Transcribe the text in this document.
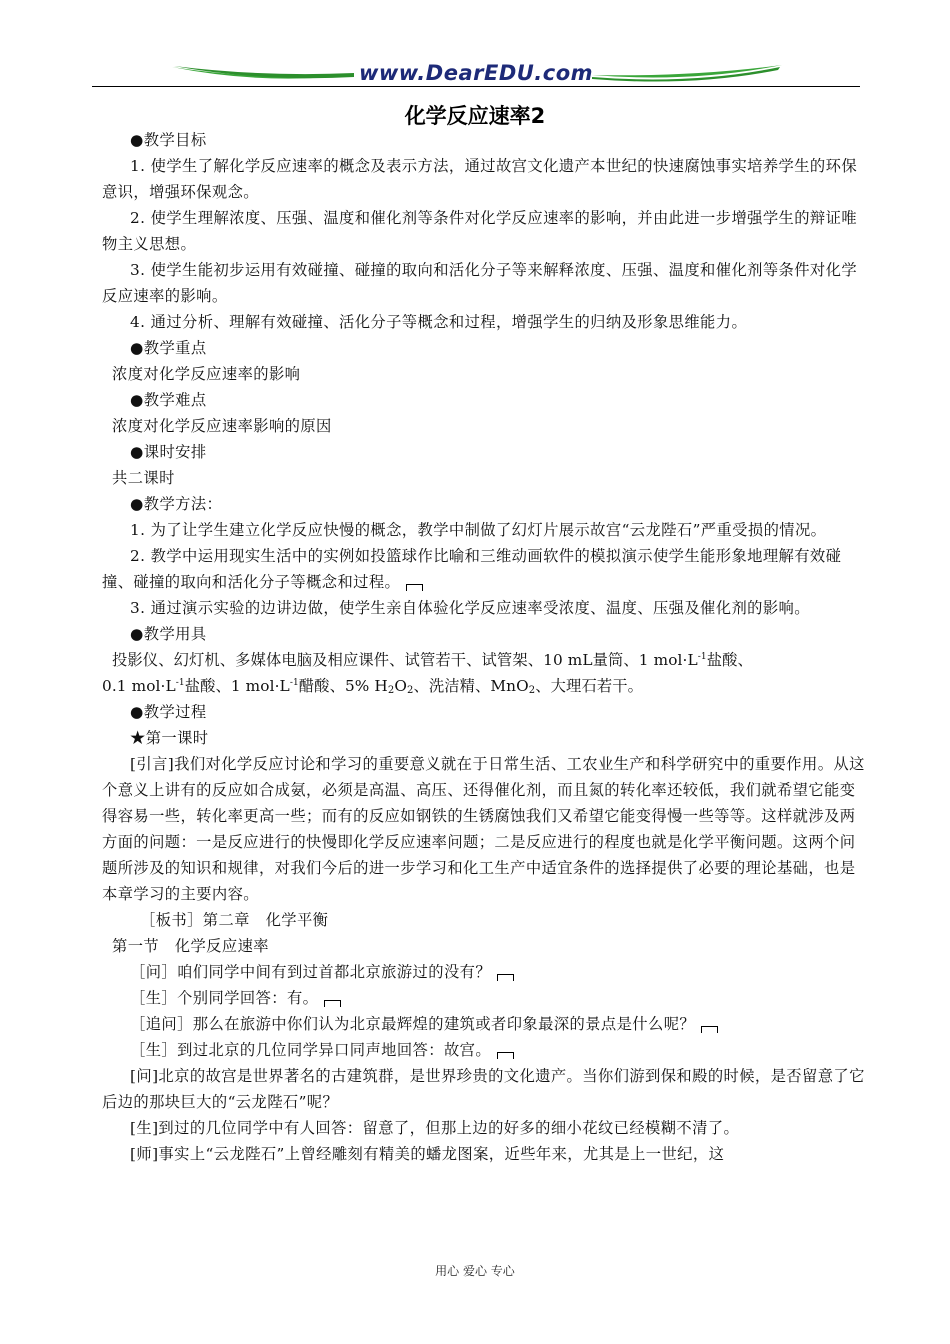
www.DearEDU.com
化学反应速率2

●教学目标

1. 使学生了解化学反应速率的概念及表示方法，通过故宫文化遗产本世纪的快速腐蚀事实培养学生的环保意识，增强环保观念。

2. 使学生理解浓度、压强、温度和催化剂等条件对化学反应速率的影响，并由此进一步增强学生的辩证唯物主义思想。

3. 使学生能初步运用有效碰撞、碰撞的取向和活化分子等来解释浓度、压强、温度和催化剂等条件对化学反应速率的影响。

4. 通过分析、理解有效碰撞、活化分子等概念和过程，增强学生的归纳及形象思维能力。

●教学重点

浓度对化学反应速率的影响

●教学难点

浓度对化学反应速率影响的原因

●课时安排

共二课时

●教学方法：

1. 为了让学生建立化学反应快慢的概念，教学中制做了幻灯片展示故宫“云龙陛石”严重受损的情况。

2. 教学中运用现实生活中的实例如投篮球作比喻和三维动画软件的模拟演示使学生能形象地理解有效碰撞、碰撞的取向和活化分子等概念和过程。

3. 通过演示实验的边讲边做，使学生亲自体验化学反应速率受浓度、温度、压强及催化剂的影响。

●教学用具

投影仪、幻灯机、多媒体电脑及相应课件、试管若干、试管架、10 mL量筒、1 $mol\cdot L^{-1}$盐酸、

0.1 $mol\cdot L^{-1}$盐酸、1 $mol\cdot L^{-1}$醋酸、5% $H_2O_2$、洗洁精、MnO$_2$、大理石若干。

●教学过程

★第一课时

[引言]我们对化学反应讨论和学习的重要意义就在于日常生活、工农业生产和科学研究中的重要作用。从这个意义上讲有的反应如合成氨，必须是高温、高压、还得催化剂，而且氮的转化率还较低，我们就希望它能变得容易一些，转化率更高一些；而有的反应如钢铁的生锈腐蚀我们又希望它能变得慢一些等等。这样就涉及两方面的问题：一是反应进行的快慢即化学反应速率问题；二是反应进行的程度也就是化学平衡问题。这两个问题所涉及的知识和规律，对我们今后的进一步学习和化工生产中适宜条件的选择提供了必要的理论基础，也是本章学习的主要内容。

［板书］第二章　化学平衡

第一节　化学反应速率

［问］咱们同学中间有到过首都北京旅游过的没有？

［生］个别同学回答：有。

［追问］那么在旅游中你们认为北京最辉煌的建筑或者印象最深的景点是什么呢？

［生］到过北京的几位同学异口同声地回答：故宫。

[问]北京的故宫是世界著名的古建筑群，是世界珍贵的文化遗产。当你们游到保和殿的时候，是否留意了它后边的那块巨大的“云龙陛石”呢？

[生]到过的几位同学中有人回答：留意了，但那上边的好多的细小花纹已经模糊不清了。

[师]事实上“云龙陛石”上曾经雕刻有精美的蟠龙图案，近些年来，尤其是上一世纪，这

用心 爱心 专心
